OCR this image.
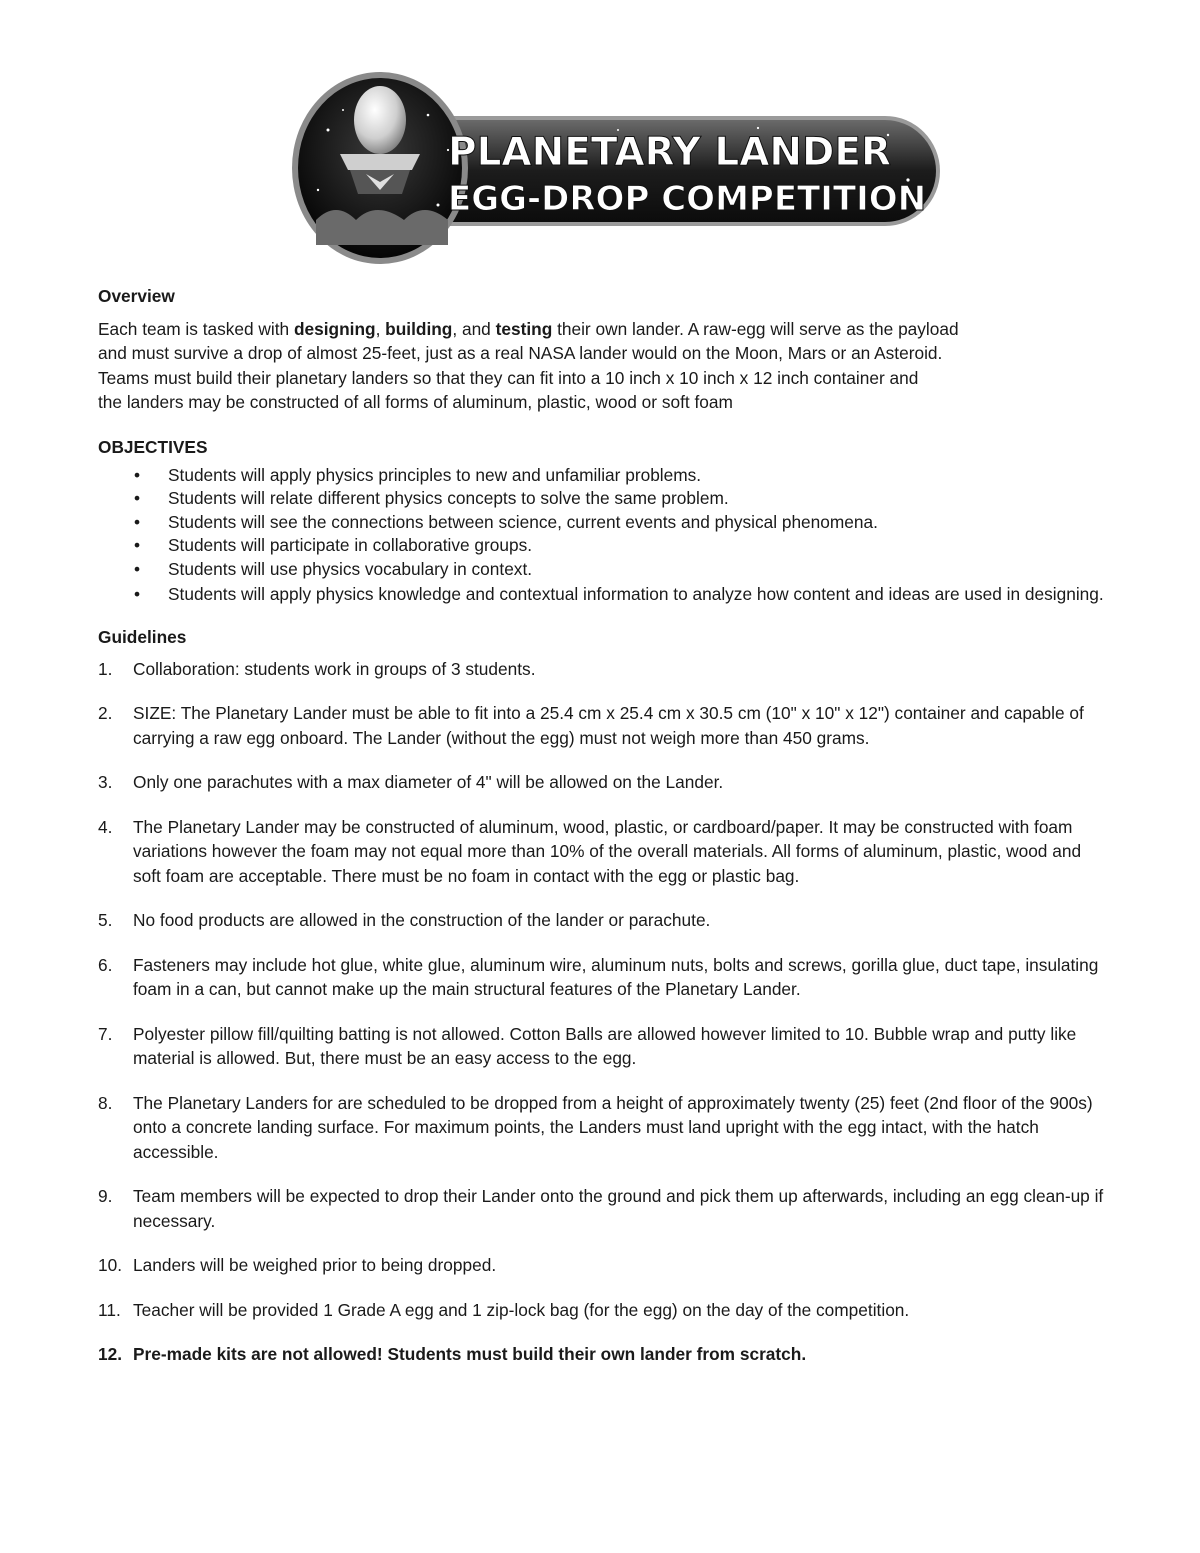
PLANETARY LANDER
EGG-DROP COMPETITION

Overview

Each team is tasked with designing, building, and testing their own lander. A raw-egg will serve as the payload
and must survive a drop of almost 25-feet, just as a real NASA lander would on the Moon, Mars or an Asteroid.
Teams must build their planetary landers so that they can fit into a 10 inch x 10 inch x 12 inch container and
the landers may be constructed of all forms of aluminum, plastic, wood or soft foam

OBJECTIVES

• Students will apply physics principles to new and unfamiliar problems.
• Students will relate different physics concepts to solve the same problem.
• Students will see the connections between science, current events and physical phenomena.
• Students will participate in collaborative groups.
• Students will use physics vocabulary in context.
• Students will apply physics knowledge and contextual information to analyze how content and ideas are used in designing.

Guidelines

1. Collaboration: students work in groups of 3 students.
2. SIZE: The Planetary Lander must be able to fit into a 25.4 cm x 25.4 cm x 30.5 cm (10" x 10" x 12") container and capable of carrying a raw egg onboard. The Lander (without the egg) must not weigh more than 450 grams.
3. Only one parachutes with a max diameter of 4" will be allowed on the Lander.
4. The Planetary Lander may be constructed of aluminum, wood, plastic, or cardboard/paper. It may be constructed with foam variations however the foam may not equal more than 10% of the overall materials. All forms of aluminum, plastic, wood and soft foam are acceptable. There must be no foam in contact with the egg or plastic bag.
5. No food products are allowed in the construction of the lander or parachute.
6. Fasteners may include hot glue, white glue, aluminum wire, aluminum nuts, bolts and screws, gorilla glue, duct tape, insulating foam in a can, but cannot make up the main structural features of the Planetary Lander.
7. Polyester pillow fill/quilting batting is not allowed. Cotton Balls are allowed however limited to 10. Bubble wrap and putty like material is allowed. But, there must be an easy access to the egg.
8. The Planetary Landers for are scheduled to be dropped from a height of approximately twenty (25) feet (2nd floor of the 900s) onto a concrete landing surface. For maximum points, the Landers must land upright with the egg intact, with the hatch accessible.
9. Team members will be expected to drop their Lander onto the ground and pick them up afterwards, including an egg clean-up if necessary.
10. Landers will be weighed prior to being dropped.
11. Teacher will be provided 1 Grade A egg and 1 zip-lock bag (for the egg) on the day of the competition.
12. Pre-made kits are not allowed! Students must build their own lander from scratch.
